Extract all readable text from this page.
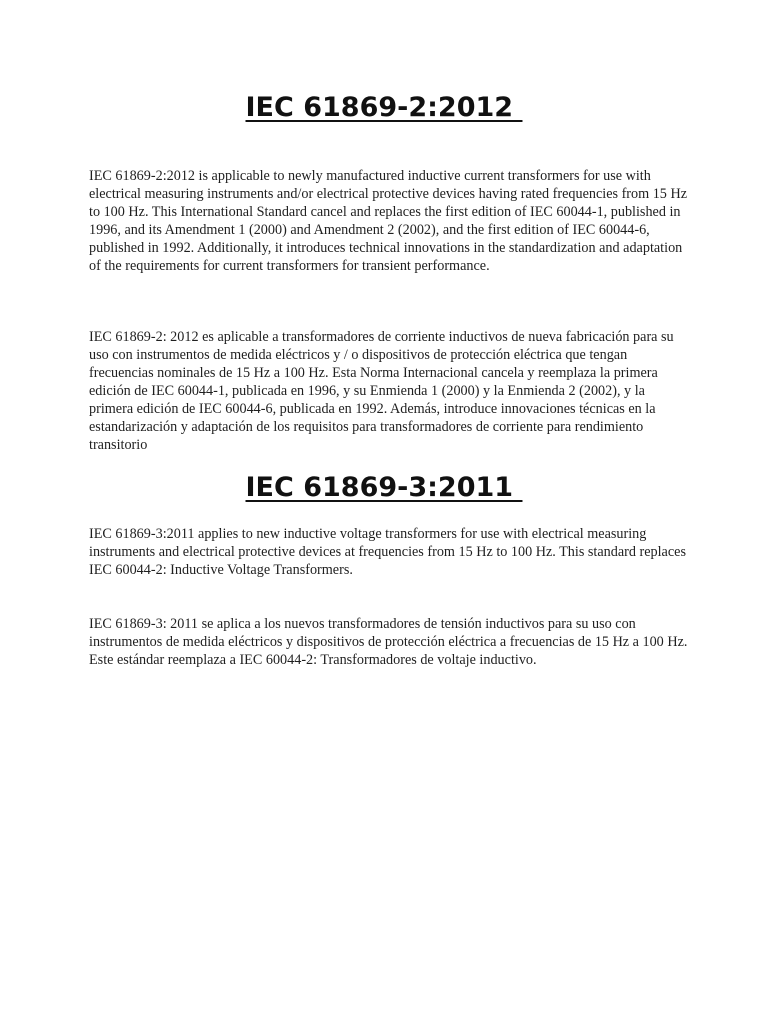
IEC 61869-2:2012

IEC 61869-2:2012 is applicable to newly manufactured inductive current transformers for use with electrical measuring instruments and/or electrical protective devices having rated frequencies from 15 Hz to 100 Hz. This International Standard cancel and replaces the first edition of IEC 60044-1, published in 1996, and its Amendment 1 (2000) and Amendment 2 (2002), and the first edition of IEC 60044-6, published in 1992. Additionally, it introduces technical innovations in the standardization and adaptation of the requirements for current transformers for transient performance.

IEC 61869-2: 2012 es aplicable a transformadores de corriente inductivos de nueva fabricación para su uso con instrumentos de medida eléctricos y / o dispositivos de protección eléctrica que tengan frecuencias nominales de 15 Hz a 100 Hz. Esta Norma Internacional cancela y reemplaza la primera edición de IEC 60044-1, publicada en 1996, y su Enmienda 1 (2000) y la Enmienda 2 (2002), y la primera edición de IEC 60044-6, publicada en 1992. Además, introduce innovaciones técnicas en la estandarización y adaptación de los requisitos para transformadores de corriente para rendimiento transitorio

IEC 61869-3:2011

IEC 61869-3:2011 applies to new inductive voltage transformers for use with electrical measuring instruments and electrical protective devices at frequencies from 15 Hz to 100 Hz. This standard replaces IEC 60044-2: Inductive Voltage Transformers.

IEC 61869-3: 2011 se aplica a los nuevos transformadores de tensión inductivos para su uso con instrumentos de medida eléctricos y dispositivos de protección eléctrica a frecuencias de 15 Hz a 100 Hz. Este estándar reemplaza a IEC 60044-2: Transformadores de voltaje inductivo.
